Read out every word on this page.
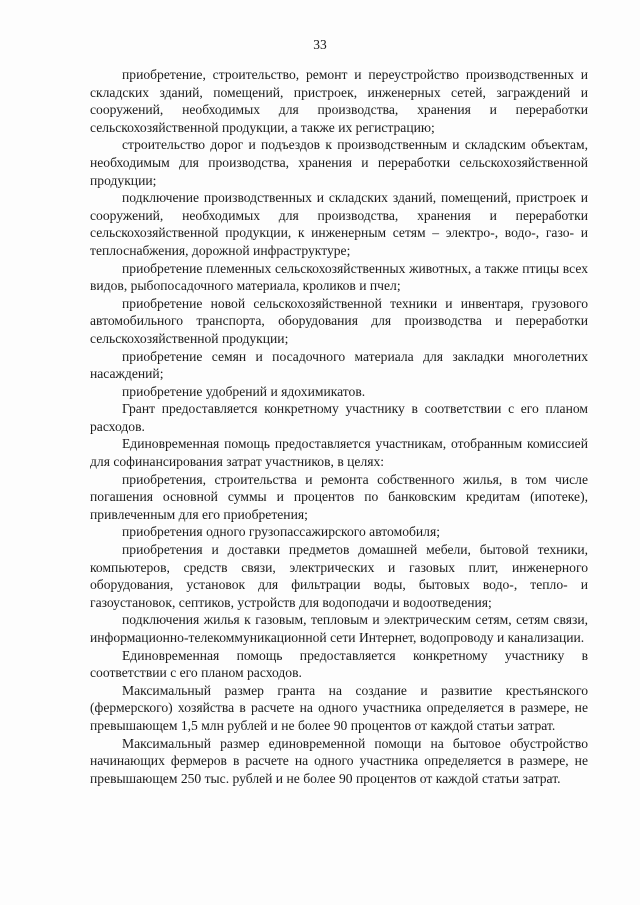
33

приобретение, строительство, ремонт и переустройство производственных и складских зданий, помещений, пристроек, инженерных сетей, заграждений и сооружений, необходимых для производства, хранения и переработки сельскохозяйственной продукции, а также их регистрацию;

строительство дорог и подъездов к производственным и складским объектам, необходимым для производства, хранения и переработки сельскохозяйственной продукции;

подключение производственных и складских зданий, помещений, пристроек и сооружений, необходимых для производства, хранения и переработки сельскохозяйственной продукции, к инженерным сетям – электро-, водо-, газо- и теплоснабжения, дорожной инфраструктуре;

приобретение племенных сельскохозяйственных животных, а также птицы всех видов, рыбопосадочного материала, кроликов и пчел;

приобретение новой сельскохозяйственной техники и инвентаря, грузового автомобильного транспорта, оборудования для производства и переработки сельскохозяйственной продукции;

приобретение семян и посадочного материала для закладки многолетних насаждений;

приобретение удобрений и ядохимикатов.

Грант предоставляется конкретному участнику в соответствии с его планом расходов.

Единовременная помощь предоставляется участникам, отобранным комиссией для софинансирования затрат участников, в целях:

приобретения, строительства и ремонта собственного жилья, в том числе погашения основной суммы и процентов по банковским кредитам (ипотеке), привлеченным для его приобретения;

приобретения одного грузопассажирского автомобиля;

приобретения и доставки предметов домашней мебели, бытовой техники, компьютеров, средств связи, электрических и газовых плит, инженерного оборудования, установок для фильтрации воды, бытовых водо-, тепло- и газоустановок, септиков, устройств для водоподачи и водоотведения;

подключения жилья к газовым, тепловым и электрическим сетям, сетям связи, информационно-телекоммуникационной сети Интернет, водопроводу и канализации.

Единовременная помощь предоставляется конкретному участнику в соответствии с его планом расходов.

Максимальный размер гранта на создание и развитие крестьянского (фермерского) хозяйства в расчете на одного участника определяется в размере, не превышающем 1,5 млн рублей и не более 90 процентов от каждой статьи затрат.

Максимальный размер единовременной помощи на бытовое обустройство начинающих фермеров в расчете на одного участника определяется в размере, не превышающем 250 тыс. рублей и не более 90 процентов от каждой статьи затрат.
